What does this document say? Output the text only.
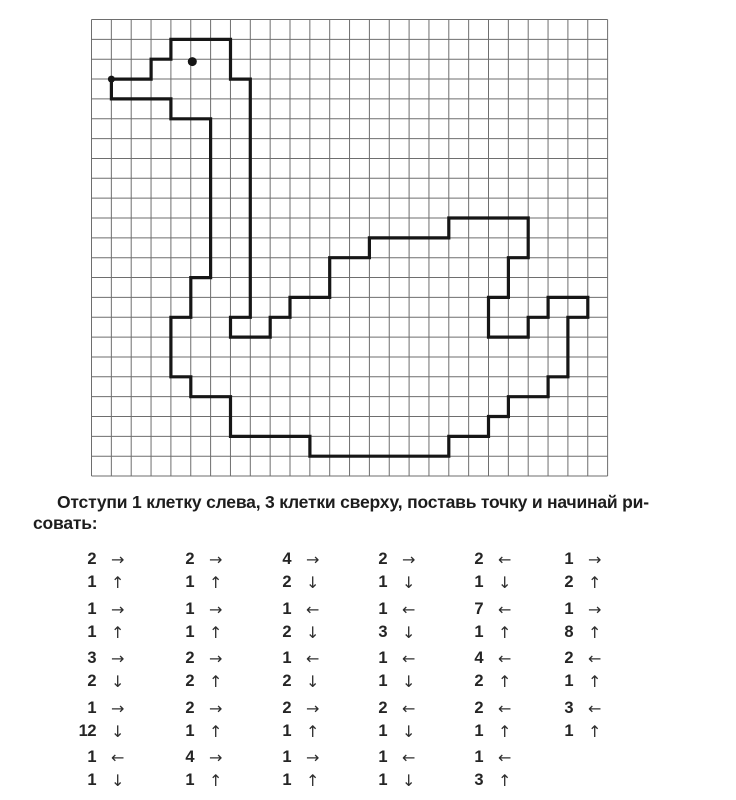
Отступи 1 клетку слева, 3 клетки сверху, поставь точку и начинай ри-
совать:
2 →
1 ↑
1 →
1 ↑
3 →
2 ↓
1 →
12 ↓
1 ←
1 ↓
2 →
1 ↑
1 →
1 ↑
2 →
2 ↑
2 →
1 ↑
4 →
1 ↑
4 →
2 ↓
1 ←
2 ↓
1 ←
2 ↓
2 →
1 ↑
1 →
1 ↑
2 →
1 ↓
1 ←
3 ↓
1 ←
1 ↓
2 ←
1 ↓
1 ←
1 ↓
2 ←
1 ↓
7 ←
1 ↑
4 ←
2 ↑
2 ←
1 ↑
1 ←
3 ↑
1 →
2 ↑
1 →
8 ↑
2 ←
1 ↑
3 ←
1 ↑
